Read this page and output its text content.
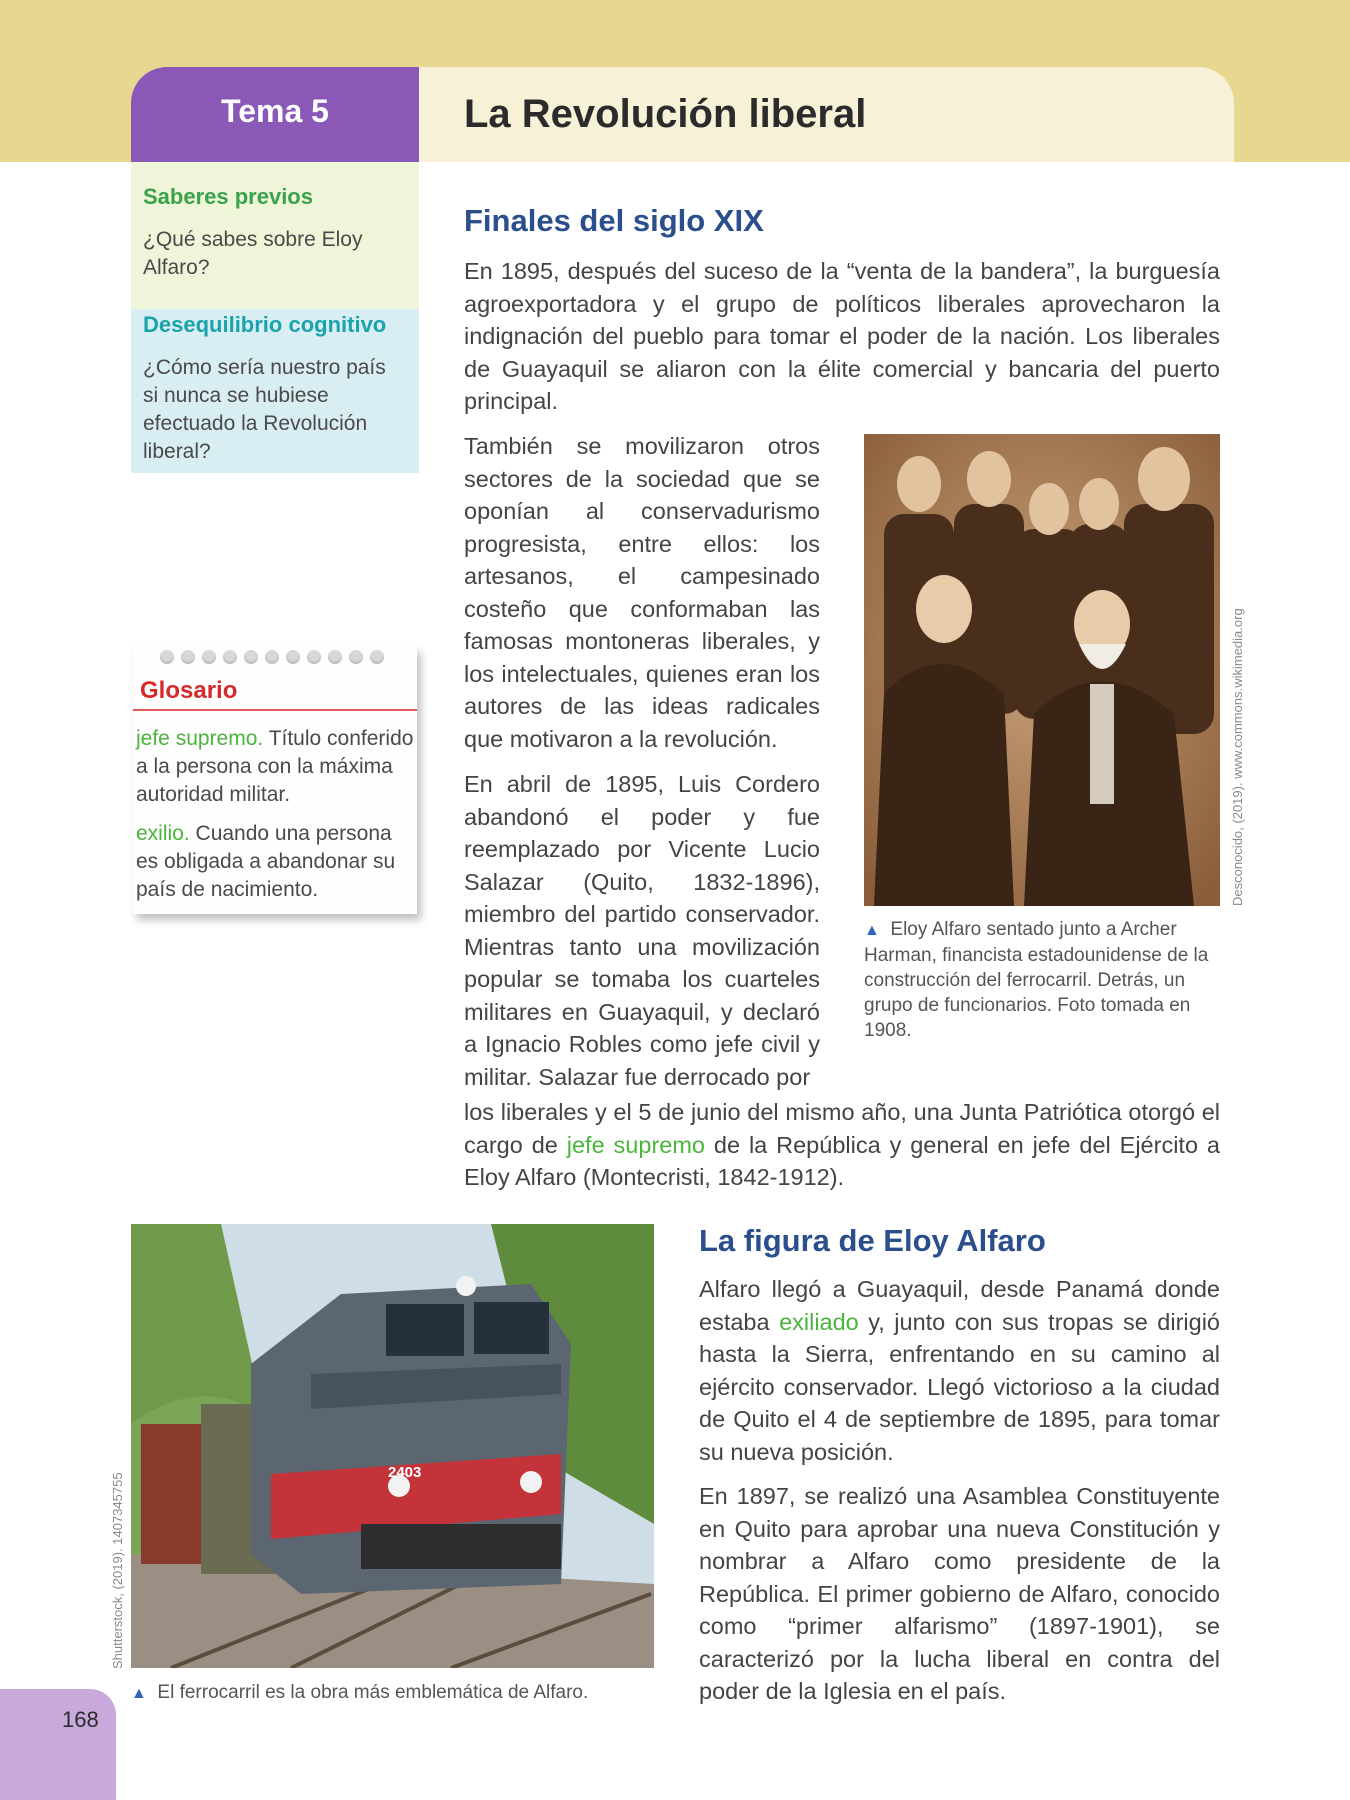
Tema 5	La Revolución liberal
Saberes previos
¿Qué sabes sobre Eloy Alfaro?
Desequilibrio cognitivo
¿Cómo sería nuestro país si nunca se hubiese efectuado la Revolución liberal?
Glosario
jefe supremo. Título conferido a la persona con la máxima autoridad militar.
exilio. Cuando una persona es obligada a abandonar su país de nacimiento.
Finales del siglo XIX
En 1895, después del suceso de la “venta de la bandera”, la burguesía agroexportadora y el grupo de políticos liberales aprovecharon la indignación del pueblo para tomar el poder de la nación. Los liberales de Guayaquil se aliaron con la élite comercial y bancaria del puerto principal.
También se movilizaron otros sectores de la sociedad que se oponían al conservadurismo progresista, entre ellos: los artesanos, el campesinado costeño que conformaban las famosas montoneras liberales, y los intelectuales, quienes eran los autores de las ideas radicales que motivaron a la revolución.
En abril de 1895, Luis Cordero abandonó el poder y fue reemplazado por Vicente Lucio Salazar (Quito, 1832-1896), miembro del partido conservador. Mientras tanto una movilización popular se tomaba los cuarteles militares en Guayaquil, y declaró a Ignacio Robles como jefe civil y militar. Salazar fue derrocado por
los liberales y el 5 de junio del mismo año, una Junta Patriótica otorgó el cargo de jefe supremo de la República y general en jefe del Ejército a Eloy Alfaro (Montecristi, 1842-1912).
Desconocido, (2019). www.commons.wikimedia.org
▲ Eloy Alfaro sentado junto a Archer Harman, financista estadounidense de la construcción del ferrocarril. Detrás, un grupo de funcionarios. Foto tomada en 1908.
2403
Shutterstock, (2019). 1407345755
▲ El ferrocarril es la obra más emblemática de Alfaro.
La figura de Eloy Alfaro
Alfaro llegó a Guayaquil, desde Panamá donde estaba exiliado y, junto con sus tropas se dirigió hasta la Sierra, enfrentando en su camino al ejército conservador. Llegó victorioso a la ciudad de Quito el 4 de septiembre de 1895, para tomar su nueva posición.
En 1897, se realizó una Asamblea Constituyente en Quito para aprobar una nueva Constitución y nombrar a Alfaro como presidente de la República. El primer gobierno de Alfaro, conocido como “primer alfarismo” (1897-1901), se caracterizó por la lucha liberal en contra del poder de la Iglesia en el país.
168
